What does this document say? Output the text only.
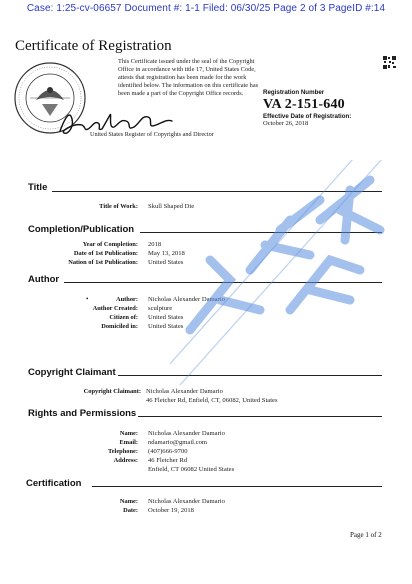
Case: 1:25-cv-06657 Document #: 1-1 Filed: 06/30/25 Page 2 of 3 PageID #:14
Certificate of Registration
This Certificate issued under the seal of the Copyright
Office in accordance with title 17, United States Code,
attests that registration has been made for the work
identified below. The information on this certificate has
been made a part of the Copyright Office records.
United States Register of Copyrights and Director
Registration Number
VA 2-151-640
Effective Date of Registration:
October 26, 2018
Title
Title of Work: Skull Shaped Die
Completion/Publication
Year of Completion: 2018
Date of 1st Publication: May 13, 2018
Nation of 1st Publication: United States
Author
•	Author: Nicholas Alexander Damario
Author Created: sculpture
Citizen of: United States
Domiciled in: United States
Copyright Claimant
Copyright Claimant: Nicholas Alexander Damario
46 Fletcher Rd, Enfield, CT, 06082, United States
Rights and Permissions
Name: Nicholas Alexander Damario
Email: ndamario@gmail.com
Telephone: (407)666-9700
Address: 46 Fletcher Rd
Enfield, CT 06082 United States
Certification
Name: Nicholas Alexander Damario
Date: October 19, 2018
Page 1 of 2
